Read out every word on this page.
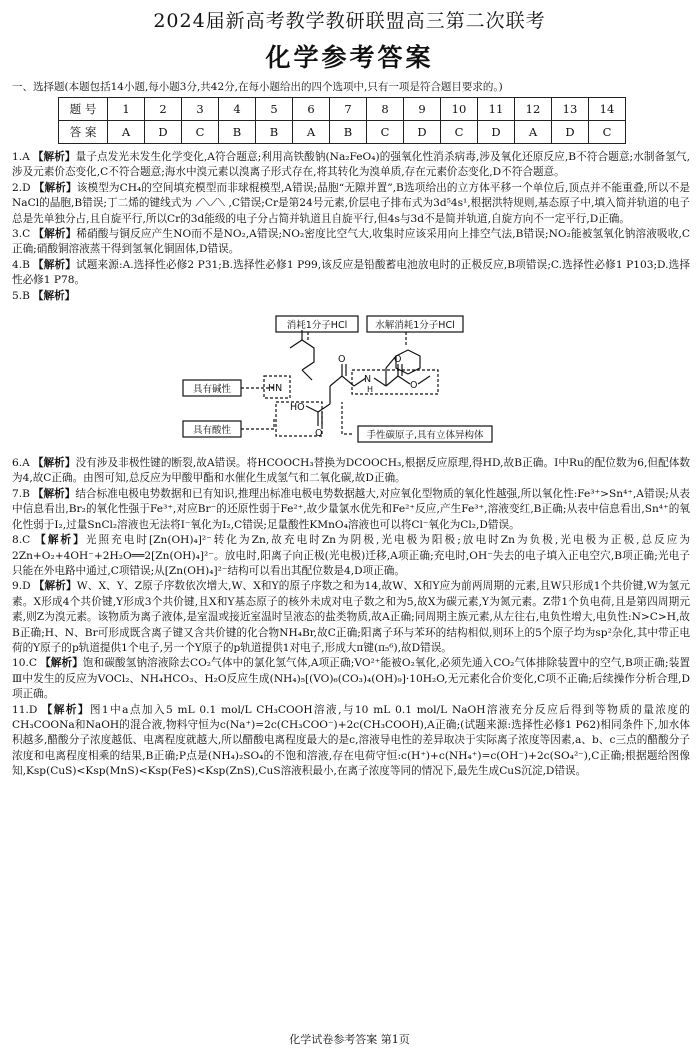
2024届新高考教学教研联盟高三第二次联考
化学参考答案
一、选择题(本题包括14小题,每小题3分,共42分,在每小题给出的四个选项中,只有一项是符合题目要求的。)
题 号	1	2	3	4	5	6	7	8	9	10	11	12	13	14
答 案	A	D	C	B	B	A	B	C	D	C	D	A	D	C

1.A 【解析】量子点发光未发生化学变化,A符合题意;利用高铁酸钠(Na₂FeO₄)的强氧化性消杀病毒,涉及氧化还原反应,B不符合题意;水制备氢气,涉及元素价态变化,C不符合题意;海水中溴元素以溴离子形式存在,将其转化为溴单质,存在元素价态变化,D不符合题意。

2.D 【解析】该模型为CH₄的空间填充模型而非球棍模型,A错误;晶胞“无隙并置”,B选项给出的立方体平移一个单位后,顶点并不能重叠,所以不是NaCl的晶胞,B错误;丁二烯的键线式为 ⟋⟍⟋⟍ ,C错误;Cr是第24号元素,价层电子排布式为3d⁵4s¹,根据洪特规则,基态原子中,填入简并轨道的电子总是先单独分占,且自旋平行,所以Cr的3d能级的电子分占简并轨道且自旋平行,但4s与3d不是简并轨道,自旋方向不一定平行,D正确。

3.C 【解析】稀硝酸与铜反应产生NO而不是NO₂,A错误;NO₂密度比空气大,收集时应该采用向上排空气法,B错误;NO₂能被氢氧化钠溶液吸收,C正确;硝酸铜溶液蒸干得到氢氧化铜固体,D错误。

4.B 【解析】试题来源:A.选择性必修2 P31;B.选择性必修1 P99,该反应是铅酸蓄电池放电时的正极反应,B项错误;C.选择性必修1 P103;D.选择性必修1 P78。

5.B 【解析】

消耗1分子HCl	水解消耗1分子HCl
具有碱性
具有酸性	手性碳原子,具有立体异构体
HN
HO
O	O
O
O
N
H

6.A 【解析】没有涉及非极性键的断裂,故A错误。将HCOOCH₃替换为DCOOCH₃,根据反应原理,得HD,故B正确。Ⅰ中Ru的配位数为6,但配体数为4,故C正确。由图可知,总反应为甲酸甲酯和水催化生成氢气和二氧化碳,故D正确。

7.B 【解析】结合标准电极电势数据和已有知识,推理出标准电极电势数据越大,对应氧化型物质的氧化性越强,所以氧化性:Fe³⁺>Sn⁴⁺,A错误;从表中信息看出,Br₂的氧化性强于Fe³⁺,对应Br⁻的还原性弱于Fe²⁺,故少量氯水优先和Fe²⁺反应,产生Fe³⁺,溶液变红,B正确;从表中信息看出,Sn⁴⁺的氧化性弱于I₂,过量SnCl₂溶液也无法将I⁻氧化为I₂,C错误;足量酸性KMnO₄溶液也可以将Cl⁻氧化为Cl₂,D错误。

8.C 【解析】光照充电时[Zn(OH)₄]²⁻转化为Zn,故充电时Zn为阴极,光电极为阳极;放电时Zn为负极,光电极为正极,总反应为2Zn+O₂+4OH⁻+2H₂O══2[Zn(OH)₄]²⁻。放电时,阳离子向正极(光电极)迁移,A项正确;充电时,OH⁻失去的电子填入正电空穴,B项正确;光电子只能在外电路中通过,C项错误;从[Zn(OH)₄]²⁻结构可以看出其配位数是4,D项正确。

9.D 【解析】W、X、Y、Z原子序数依次增大,W、X和Y的原子序数之和为14,故W、X和Y应为前两周期的元素,且W只形成1个共价键,W为氢元素。X形成4个共价键,Y形成3个共价键,且X和Y基态原子的核外未成对电子数之和为5,故X为碳元素,Y为氮元素。Z带1个负电荷,且是第四周期元素,则Z为溴元素。该物质为离子液体,是室温或接近室温时呈液态的盐类物质,故A正确;同周期主族元素,从左往右,电负性增大,电负性:N>C>H,故B正确;H、N、Br可形成既含离子键又含共价键的化合物NH₄Br,故C正确;阳离子环与苯环的结构相似,则环上的5个原子均为sp²杂化,其中带正电荷的Y原子的p轨道提供1个电子,另一个Y原子的p轨道提供1对电子,形成大π键(π₅⁶),故D错误。

10.C 【解析】饱和碳酸氢钠溶液除去CO₂气体中的氯化氢气体,A项正确;VO²⁺能被O₂氧化,必须先通入CO₂气体排除装置中的空气,B项正确;装置Ⅲ中发生的反应为VOCl₂、NH₄HCO₃、H₂O反应生成(NH₄)₅[(VO)₆(CO₃)₄(OH)₉]·10H₂O,无元素化合价变化,C项不正确;后续操作分析合理,D项正确。

11.D 【解析】图1中a点加入5 mL 0.1 mol/L CH₃COOH溶液,与10 mL 0.1 mol/L NaOH溶液充分反应后得到等物质的量浓度的CH₃COONa和NaOH的混合液,物料守恒为c(Na⁺)=2c(CH₃COO⁻)+2c(CH₃COOH),A正确;(试题来源:选择性必修1 P62)相同条件下,加水体积越多,醋酸分子浓度越低、电离程度就越大,所以醋酸电离程度最大的是c,溶液导电性的差异取决于实际离子浓度等因素,a、b、c三点的醋酸分子浓度和电离程度相乘的结果,B正确;P点是(NH₄)₂SO₄的不饱和溶液,存在电荷守恒:c(H⁺)+c(NH₄⁺)=c(OH⁻)+2c(SO₄²⁻),C正确;根据题给图像知,Ksp(CuS)<Ksp(MnS)<Ksp(FeS)<Ksp(ZnS),CuS溶液积最小,在离子浓度等同的情况下,最先生成CuS沉淀,D错误。

化学试卷参考答案 第1页
